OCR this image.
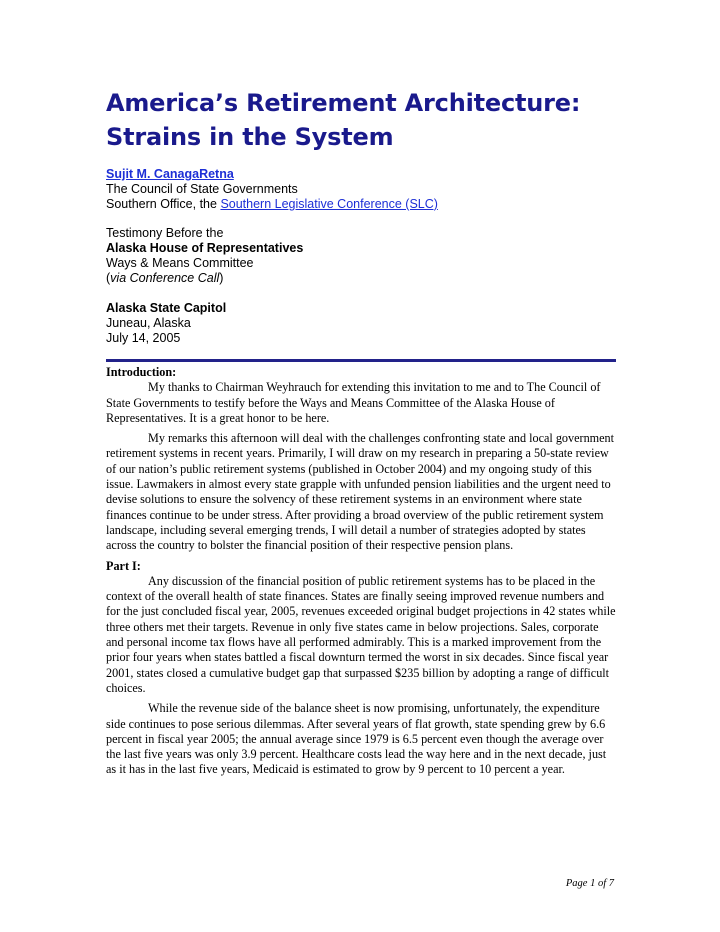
America’s Retirement Architecture:
Strains in the System
Sujit M. CanagaRetna
The Council of State Governments
Southern Office, the Southern Legislative Conference (SLC)
Testimony Before the
Alaska House of Representatives
Ways & Means Committee
(via Conference Call)
Alaska State Capitol
Juneau, Alaska
July 14, 2005
Introduction:

My thanks to Chairman Weyhrauch for extending this invitation to me and to The Council of State Governments to testify before the Ways and Means Committee of the Alaska House of Representatives. It is a great honor to be here.

My remarks this afternoon will deal with the challenges confronting state and local government retirement systems in recent years. Primarily, I will draw on my research in preparing a 50-state review of our nation’s public retirement systems (published in October 2004) and my ongoing study of this issue. Lawmakers in almost every state grapple with unfunded pension liabilities and the urgent need to devise solutions to ensure the solvency of these retirement systems in an environment where state finances continue to be under stress. After providing a broad overview of the public retirement system landscape, including several emerging trends, I will detail a number of strategies adopted by states across the country to bolster the financial position of their respective pension plans.

Part I:

Any discussion of the financial position of public retirement systems has to be placed in the context of the overall health of state finances. States are finally seeing improved revenue numbers and for the just concluded fiscal year, 2005, revenues exceeded original budget projections in 42 states while three others met their targets. Revenue in only five states came in below projections. Sales, corporate and personal income tax flows have all performed admirably. This is a marked improvement from the prior four years when states battled a fiscal downturn termed the worst in six decades. Since fiscal year 2001, states closed a cumulative budget gap that surpassed $235 billion by adopting a range of difficult choices.

While the revenue side of the balance sheet is now promising, unfortunately, the expenditure side continues to pose serious dilemmas. After several years of flat growth, state spending grew by 6.6 percent in fiscal year 2005; the annual average since 1979 is 6.5 percent even though the average over the last five years was only 3.9 percent. Healthcare costs lead the way here and in the next decade, just as it has in the last five years, Medicaid is estimated to grow by 9 percent to 10 percent a year.

Page 1 of 7
